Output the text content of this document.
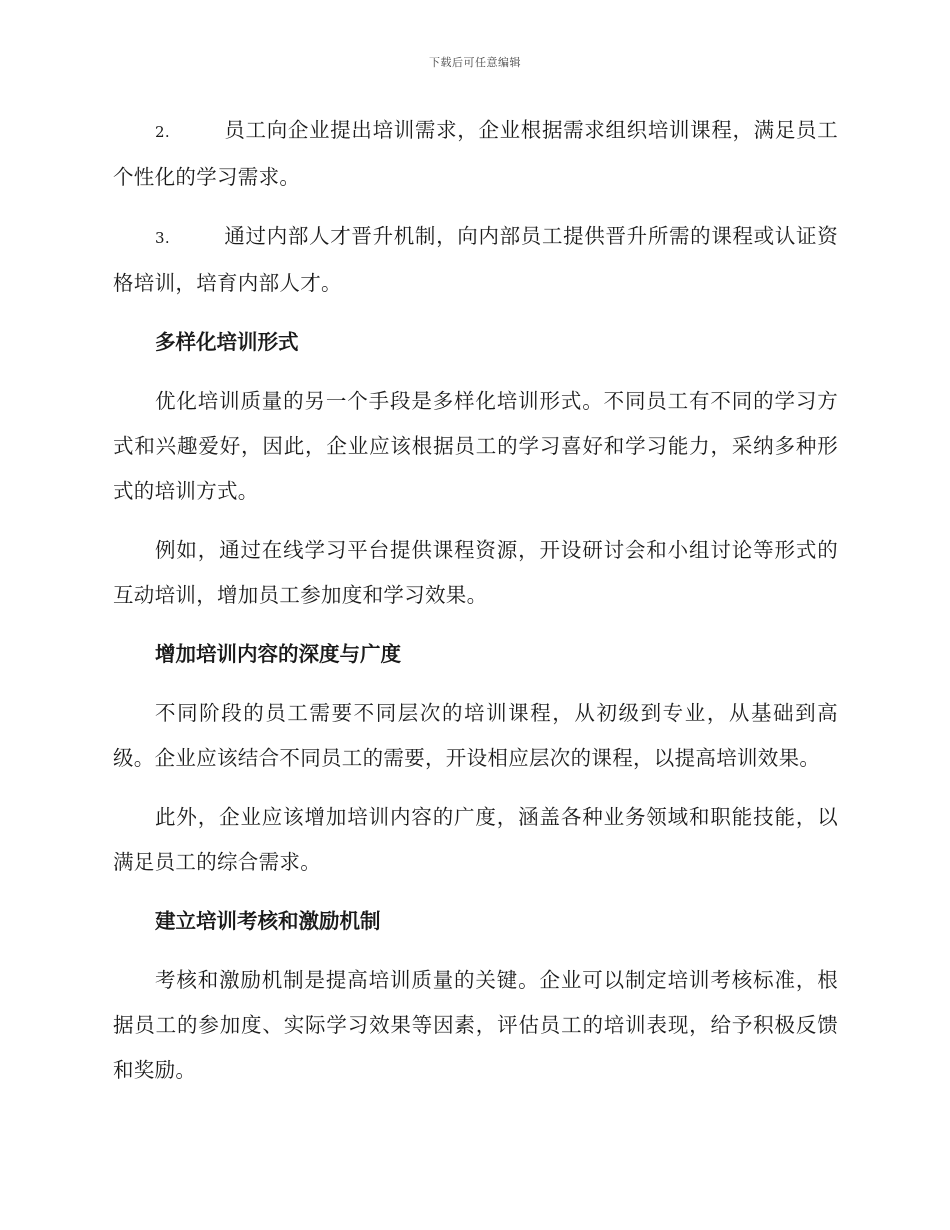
下载后可任意编辑

2.	员工向企业提出培训需求，企业根据需求组织培训课程，满足员工个性化的学习需求。

3.	通过内部人才晋升机制，向内部员工提供晋升所需的课程或认证资格培训，培育内部人才。

多样化培训形式

优化培训质量的另一个手段是多样化培训形式。不同员工有不同的学习方式和兴趣爱好，因此，企业应该根据员工的学习喜好和学习能力，采纳多种形式的培训方式。

例如，通过在线学习平台提供课程资源，开设研讨会和小组讨论等形式的互动培训，增加员工参加度和学习效果。

增加培训内容的深度与广度

不同阶段的员工需要不同层次的培训课程，从初级到专业，从基础到高级。企业应该结合不同员工的需要，开设相应层次的课程，以提高培训效果。

此外，企业应该增加培训内容的广度，涵盖各种业务领域和职能技能，以满足员工的综合需求。

建立培训考核和激励机制

考核和激励机制是提高培训质量的关键。企业可以制定培训考核标准，根据员工的参加度、实际学习效果等因素，评估员工的培训表现，给予积极反馈和奖励。
